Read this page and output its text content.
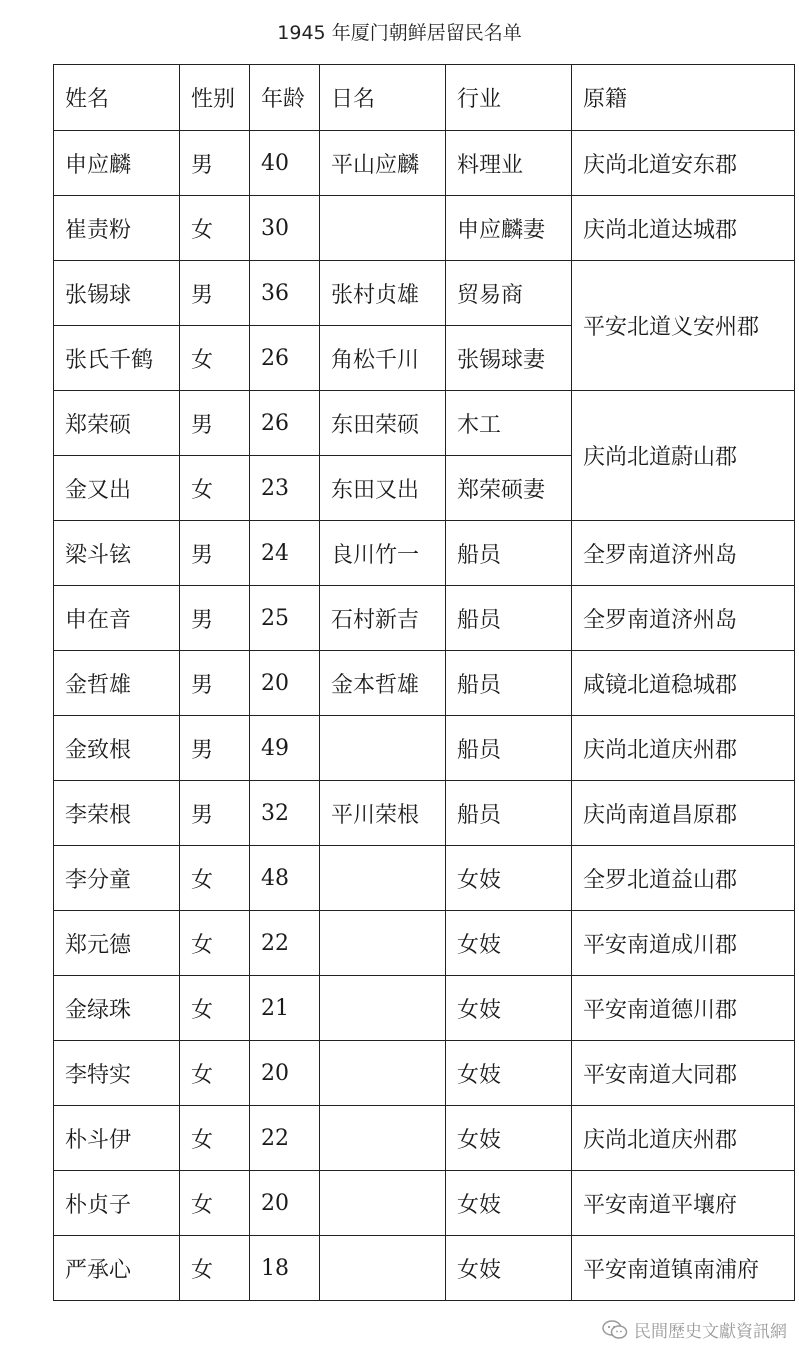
1945 年厦门朝鲜居留民名单
姓名	性别	年龄	日名	行业	原籍
申应麟	男	40	平山应麟	料理业	庆尚北道安东郡
崔责粉	女	30		申应麟妻	庆尚北道达城郡
张锡球	男	36	张村贞雄	贸易商	平安北道义安州郡
张氏千鹤	女	26	角松千川	张锡球妻	
郑荣硕	男	26	东田荣硕	木工	庆尚北道蔚山郡
金又出	女	23	东田又出	郑荣硕妻	
梁斗铉	男	24	良川竹一	船员	全罗南道济州岛
申在音	男	25	石村新吉	船员	全罗南道济州岛
金哲雄	男	20	金本哲雄	船员	咸镜北道稳城郡
金致根	男	49		船员	庆尚北道庆州郡
李荣根	男	32	平川荣根	船员	庆尚南道昌原郡
李分童	女	48		女妓	全罗北道益山郡
郑元德	女	22		女妓	平安南道成川郡
金绿珠	女	21		女妓	平安南道德川郡
李特实	女	20		女妓	平安南道大同郡
朴斗伊	女	22		女妓	庆尚北道庆州郡
朴贞子	女	20		女妓	平安南道平壤府
严承心	女	18		女妓	平安南道镇南浦府
民間歷史文獻資訊網
